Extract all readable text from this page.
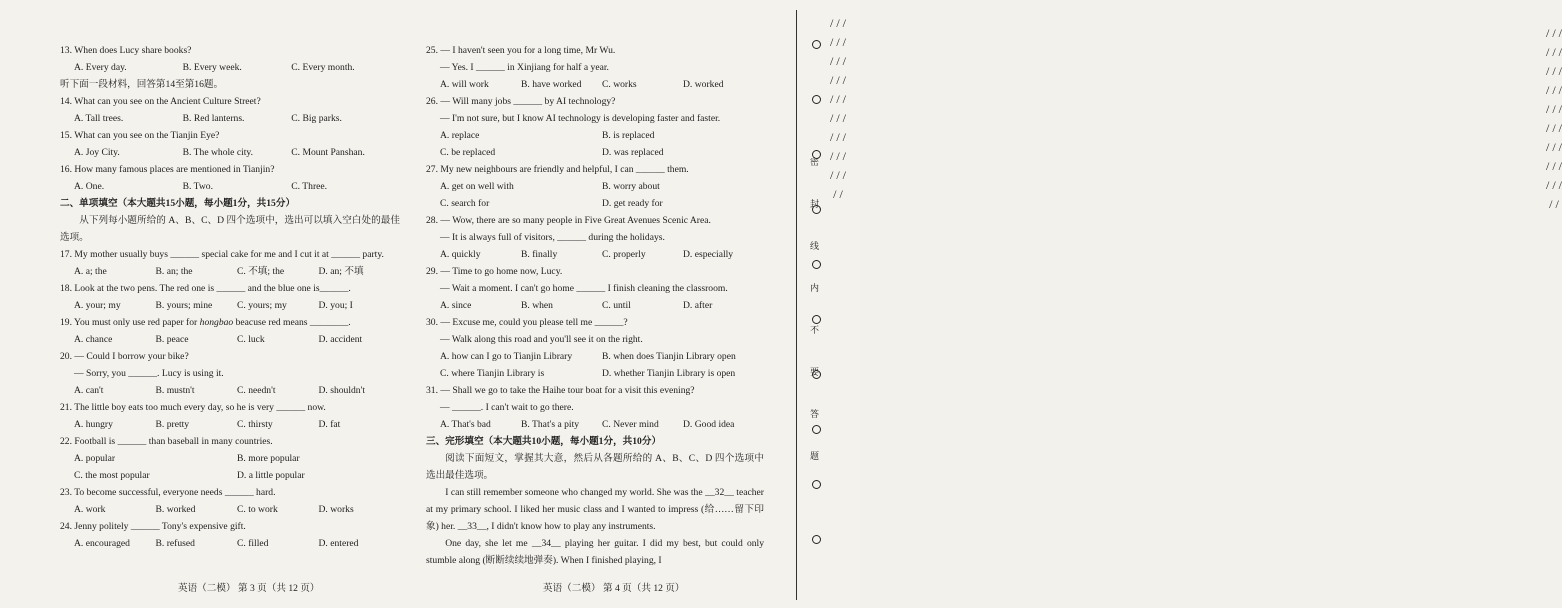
13. When does Lucy share books?
A. Every day.	B. Every week.	C. Every month.
听下面一段材料，回答第14至第16题。
14. What can you see on the Ancient Culture Street?
A. Tall trees.	B. Red lanterns.	C. Big parks.
15. What can you see on the Tianjin Eye?
A. Joy City.	B. The whole city.	C. Mount Panshan.
16. How many famous places are mentioned in Tianjin?
A. One.	B. Two.	C. Three.
二、单项填空（本大题共15小题，每小题1分，共15分）
从下列每小题所给的 A、B、C、D 四个选项中，选出可以填入空白处的最佳选项。
17. My mother usually buys ______ special cake for me and I cut it at ______ party.
A. a; the	B. an; the	C. 不填; the	D. an; 不填
18. Look at the two pens. The red one is ______ and the blue one is______.
A. your; my	B. yours; mine	C. yours; my	D. you; I
19. You must only use red paper for hongbao beacuse red means ________.
A. chance	B. peace	C. luck	D. accident
20. — Could I borrow your bike?
— Sorry, you ______. Lucy is using it.
A. can't	B. mustn't	C. needn't	D. shouldn't
21. The little boy eats too much every day, so he is very ______ now.
A. hungry	B. pretty	C. thirsty	D. fat
22. Football is ______ than baseball in many countries.
A. popular	B. more popular
C. the most popular	D. a little popular
23. To become successful, everyone needs ______ hard.
A. work	B. worked	C. to work	D. works
24. Jenny politely ______ Tony's expensive gift.
A. encouraged	B. refused	C. filled	D. entered
25. — I haven't seen you for a long time, Mr Wu.
— Yes. I ______ in Xinjiang for half a year.
A. will work	B. have worked	C. works	D. worked
26. — Will many jobs ______ by AI technology?
— I'm not sure, but I know AI technology is developing faster and faster.
A. replace	B. is replaced
C. be replaced	D. was replaced
27. My new neighbours are friendly and helpful, I can ______ them.
A. get on well with	B. worry about
C. search for	D. get ready for
28. — Wow, there are so many people in Five Great Avenues Scenic Area.
— It is always full of visitors, ______ during the holidays.
A. quickly	B. finally	C. properly	D. especially
29. — Time to go home now, Lucy.
— Wait a moment. I can't go home ______ I finish cleaning the classroom.
A. since	B. when	C. until	D. after
30. — Excuse me, could you please tell me ______?
— Walk along this road and you'll see it on the right.
A. how can I go to Tianjin Library	B. when does Tianjin Library open
C. where Tianjin Library is	D. whether Tianjin Library is open
31. — Shall we go to take the Haihe tour boat for a visit this evening?
— ______. I can't wait to go there.
A. That's bad	B. That's a pity	C. Never mind	D. Good idea
三、完形填空（本大题共10小题，每小题1分，共10分）
阅读下面短文，掌握其大意，然后从各题所给的 A、B、C、D 四个选项中选出最佳选项。
I can still remember someone who changed my world. She was the __32__ teacher at my primary school. I liked her music class and I wanted to impress (给……留下印象) her. __33__, I didn't know how to play any instruments.
One day, she let me __34__ playing her guitar. I did my best, but could only stumble along (断断续续地弹奏). When I finished playing, I
英语（二模） 第 3 页（共 12 页）	英语（二模） 第 4 页（共 12 页）
/ / / / / / / / / / / / / / / / / / / / / / / / / / / / /
密
封
线
内
不
要
答
题
/ / / / / / / / / / / / / / / / / / / / / / / / / / / / /
